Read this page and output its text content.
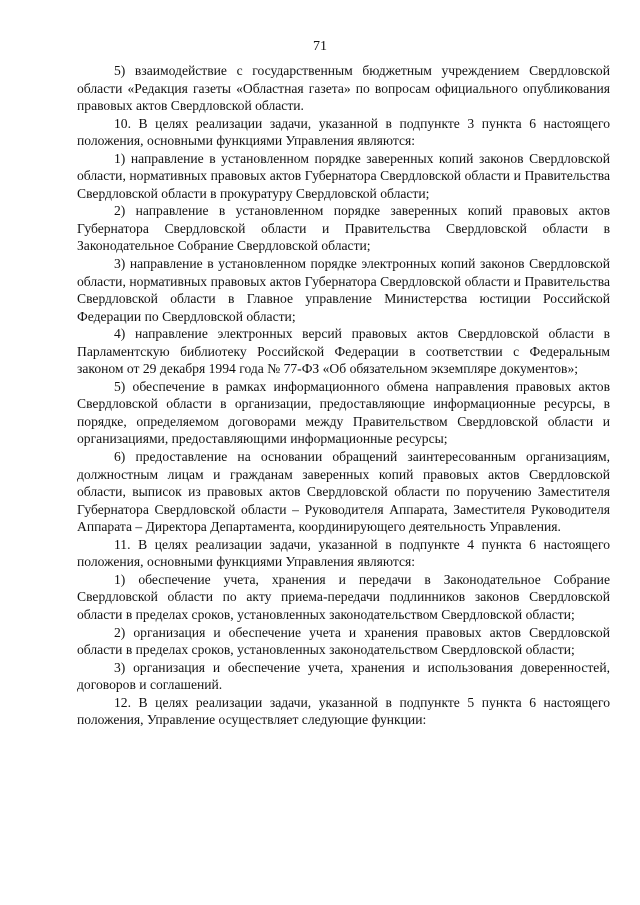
71

5) взаимодействие с государственным бюджетным учреждением Свердловской области «Редакция газеты «Областная газета» по вопросам официального опубликования правовых актов Свердловской области.

10. В целях реализации задачи, указанной в подпункте 3 пункта 6 настоящего положения, основными функциями Управления являются:

1) направление в установленном порядке заверенных копий законов Свердловской области, нормативных правовых актов Губернатора Свердловской области и Правительства Свердловской области в прокуратуру Свердловской области;

2) направление в установленном порядке заверенных копий правовых актов Губернатора Свердловской области и Правительства Свердловской области в Законодательное Собрание Свердловской области;

3) направление в установленном порядке электронных копий законов Свердловской области, нормативных правовых актов Губернатора Свердловской области и Правительства Свердловской области в Главное управление Министерства юстиции Российской Федерации по Свердловской области;

4) направление электронных версий правовых актов Свердловской области в Парламентскую библиотеку Российской Федерации в соответствии с Федеральным законом от 29 декабря 1994 года № 77-ФЗ «Об обязательном экземпляре документов»;

5) обеспечение в рамках информационного обмена направления правовых актов Свердловской области в организации, предоставляющие информационные ресурсы, в порядке, определяемом договорами между Правительством Свердловской области и организациями, предоставляющими информационные ресурсы;

6) предоставление на основании обращений заинтересованным организациям, должностным лицам и гражданам заверенных копий правовых актов Свердловской области, выписок из правовых актов Свердловской области по поручению Заместителя Губернатора Свердловской области – Руководителя Аппарата, Заместителя Руководителя Аппарата – Директора Департамента, координирующего деятельность Управления.

11. В целях реализации задачи, указанной в подпункте 4 пункта 6 настоящего положения, основными функциями Управления являются:

1) обеспечение учета, хранения и передачи в Законодательное Собрание Свердловской области по акту приема-передачи подлинников законов Свердловской области в пределах сроков, установленных законодательством Свердловской области;

2) организация и обеспечение учета и хранения правовых актов Свердловской области в пределах сроков, установленных законодательством Свердловской области;

3) организация и обеспечение учета, хранения и использования доверенностей, договоров и соглашений.

12. В целях реализации задачи, указанной в подпункте 5 пункта 6 настоящего положения, Управление осуществляет следующие функции:
